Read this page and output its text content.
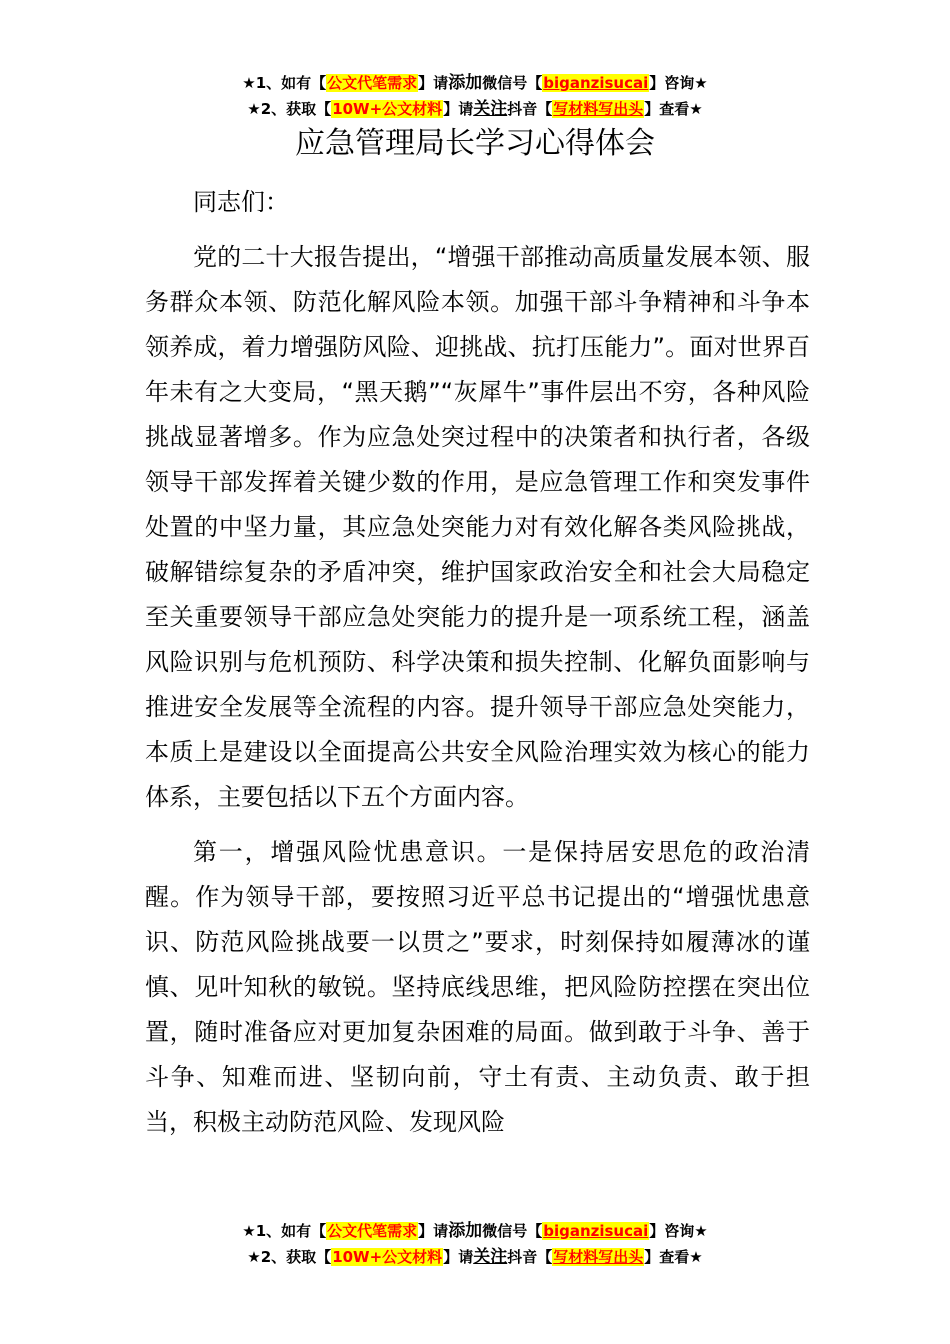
★1、如有【公文代笔需求】请添加微信号【biganzisucai】咨询★
★2、获取【10W+公文材料】请关注抖音【写材料写出头】查看★
应急管理局长学习心得体会

同志们：

党的二十大报告提出，“增强干部推动高质量发展本领、服务群众本领、防范化解风险本领。加强干部斗争精神和斗争本领养成，着力增强防风险、迎挑战、抗打压能力”。面对世界百年未有之大变局，“黑天鹅”“灰犀牛”事件层出不穷，各种风险挑战显著增多。作为应急处突过程中的决策者和执行者，各级领导干部发挥着关键少数的作用，是应急管理工作和突发事件处置的中坚力量，其应急处突能力对有效化解各类风险挑战，破解错综复杂的矛盾冲突，维护国家政治安全和社会大局稳定至关重要领导干部应急处突能力的提升是一项系统工程，涵盖风险识别与危机预防、科学决策和损失控制、化解负面影响与推进安全发展等全流程的内容。提升领导干部应急处突能力，本质上是建设以全面提高公共安全风险治理实效为核心的能力体系，主要包括以下五个方面内容。

第一，增强风险忧患意识。一是保持居安思危的政治清醒。作为领导干部，要按照习近平总书记提出的“增强忧患意识、防范风险挑战要一以贯之”要求，时刻保持如履薄冰的谨慎、见叶知秋的敏锐。坚持底线思维，把风险防控摆在突出位置，随时准备应对更加复杂困难的局面。做到敢于斗争、善于斗争、知难而进、坚韧向前，守土有责、主动负责、敢于担当，积极主动防范风险、发现风险

★1、如有【公文代笔需求】请添加微信号【biganzisucai】咨询★
★2、获取【10W+公文材料】请关注抖音【写材料写出头】查看★
